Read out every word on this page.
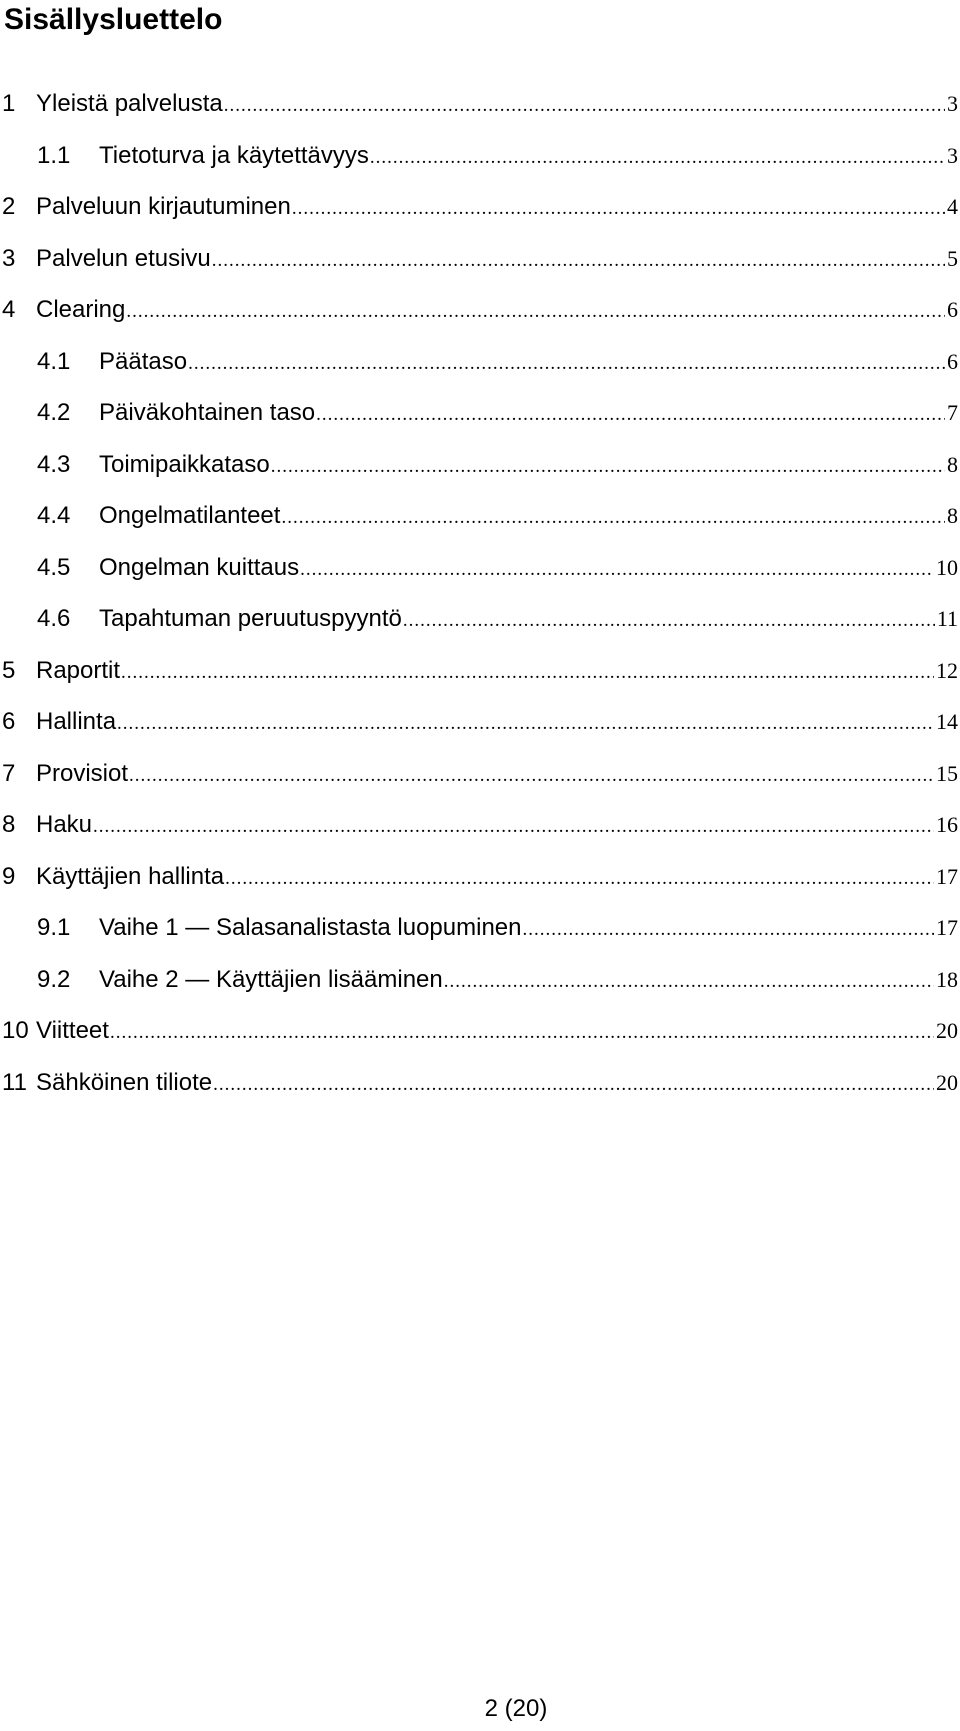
Sisällysluettelo
1 Yleistä palvelusta .....	3
1.1	Tietoturva ja käytettävyys .....	3
2 Palveluun kirjautuminen .....	4
3 Palvelun etusivu .....	5
4 Clearing .....	6
4.1	Päätaso .....	6
4.2	Päiväkohtainen taso .....	7
4.3	Toimipaikkataso .....	8
4.4	Ongelmatilanteet .....	8
4.5	Ongelman kuittaus .....	10
4.6	Tapahtuman peruutuspyyntö .....	11
5 Raportit .....	12
6 Hallinta .....	14
7 Provisiot .....	15
8 Haku .....	16
9 Käyttäjien hallinta .....	17
9.1	Vaihe 1 — Salasanalistasta luopuminen .....	17
9.2	Vaihe 2 — Käyttäjien lisääminen .....	18
10 Viitteet .....	20
11 Sähköinen tiliote .....	20

2 (20)
